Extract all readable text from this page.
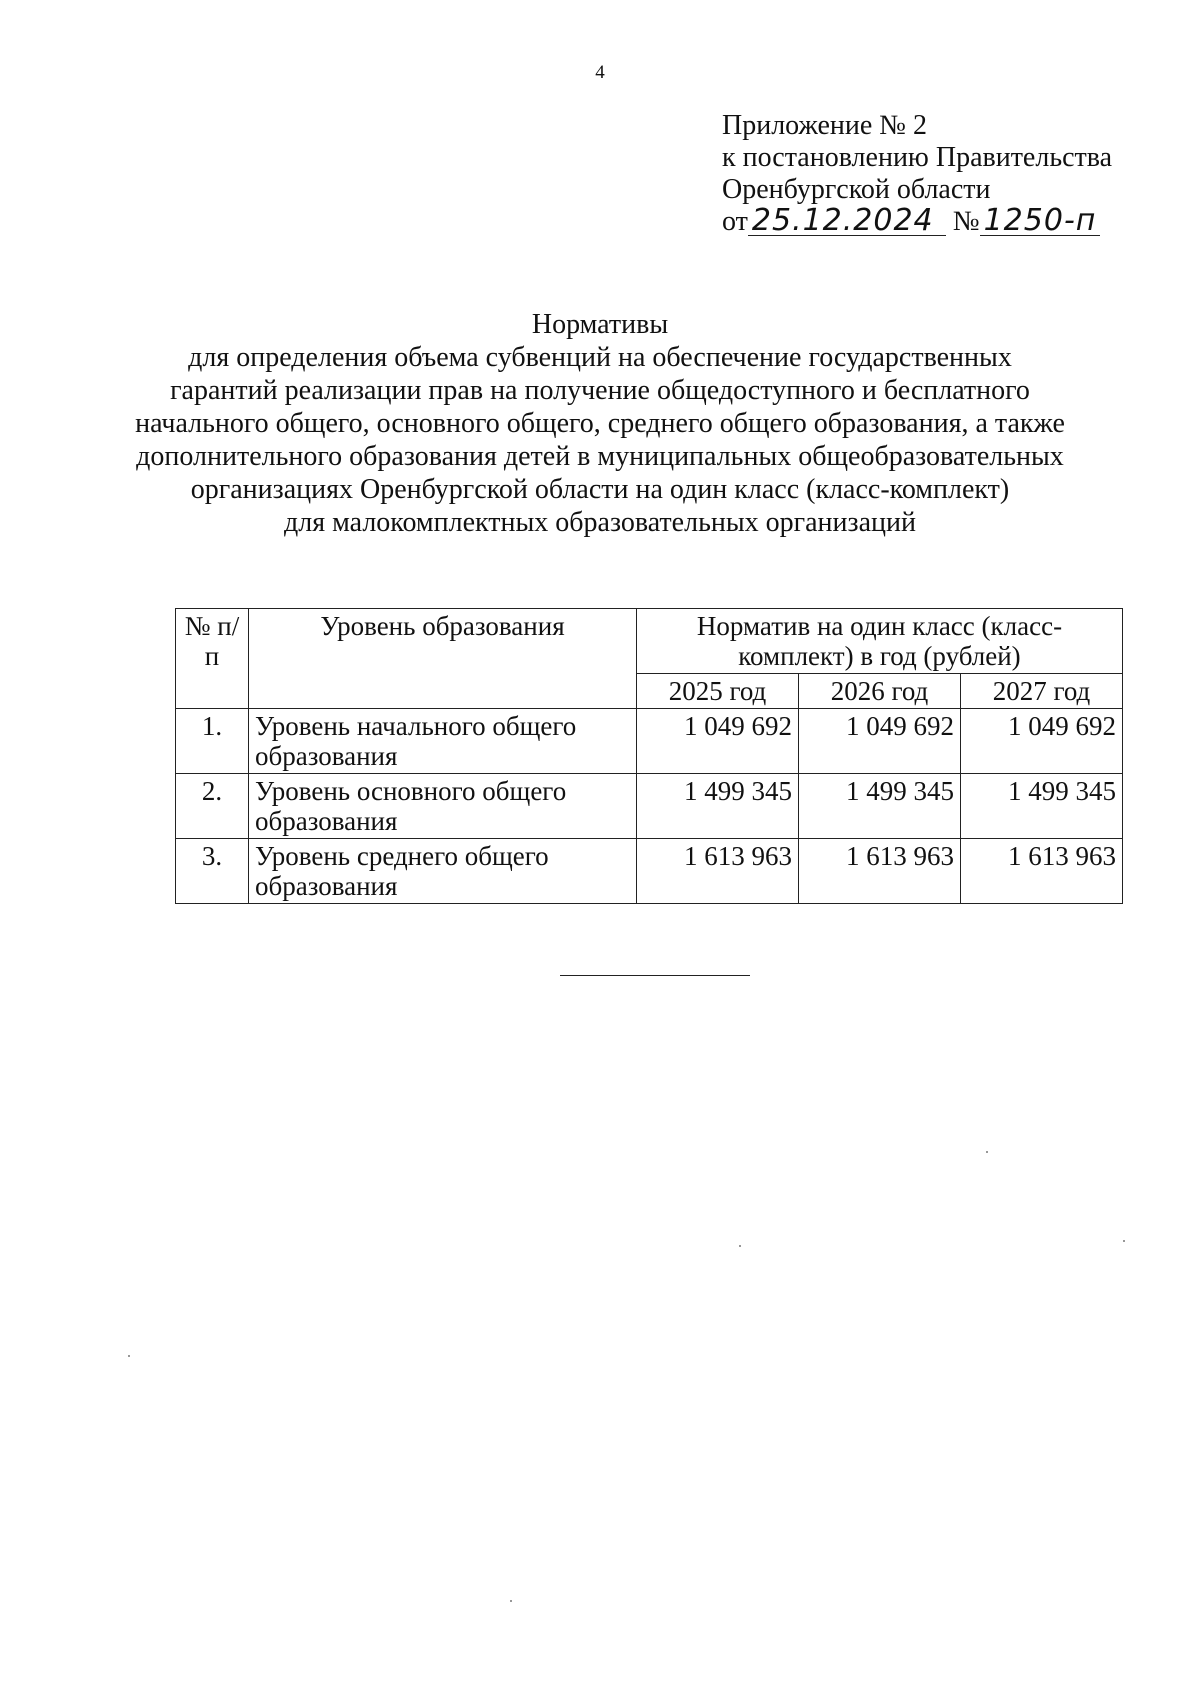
4
Приложение № 2
к постановлению Правительства
Оренбургской области
от 25.12.2024 № 1250-п
Нормативы
для определения объема субвенций на обеспечение государственных
гарантий реализации прав на получение общедоступного и бесплатного
начального общего, основного общего, среднего общего образования, а также
дополнительного образования детей в муниципальных общеобразовательных
организациях Оренбургской области на один класс (класс-комплект)
для малокомплектных образовательных организаций
№ п/п	Уровень образования	Норматив на один класс (класс-комплект) в год (рублей)		
		2025 год	2026 год	2027 год
1.	Уровень начального общего образования	1 049 692	1 049 692	1 049 692
2.	Уровень основного общего образования	1 499 345	1 499 345	1 499 345
3.	Уровень среднего общего образования	1 613 963	1 613 963	1 613 963
